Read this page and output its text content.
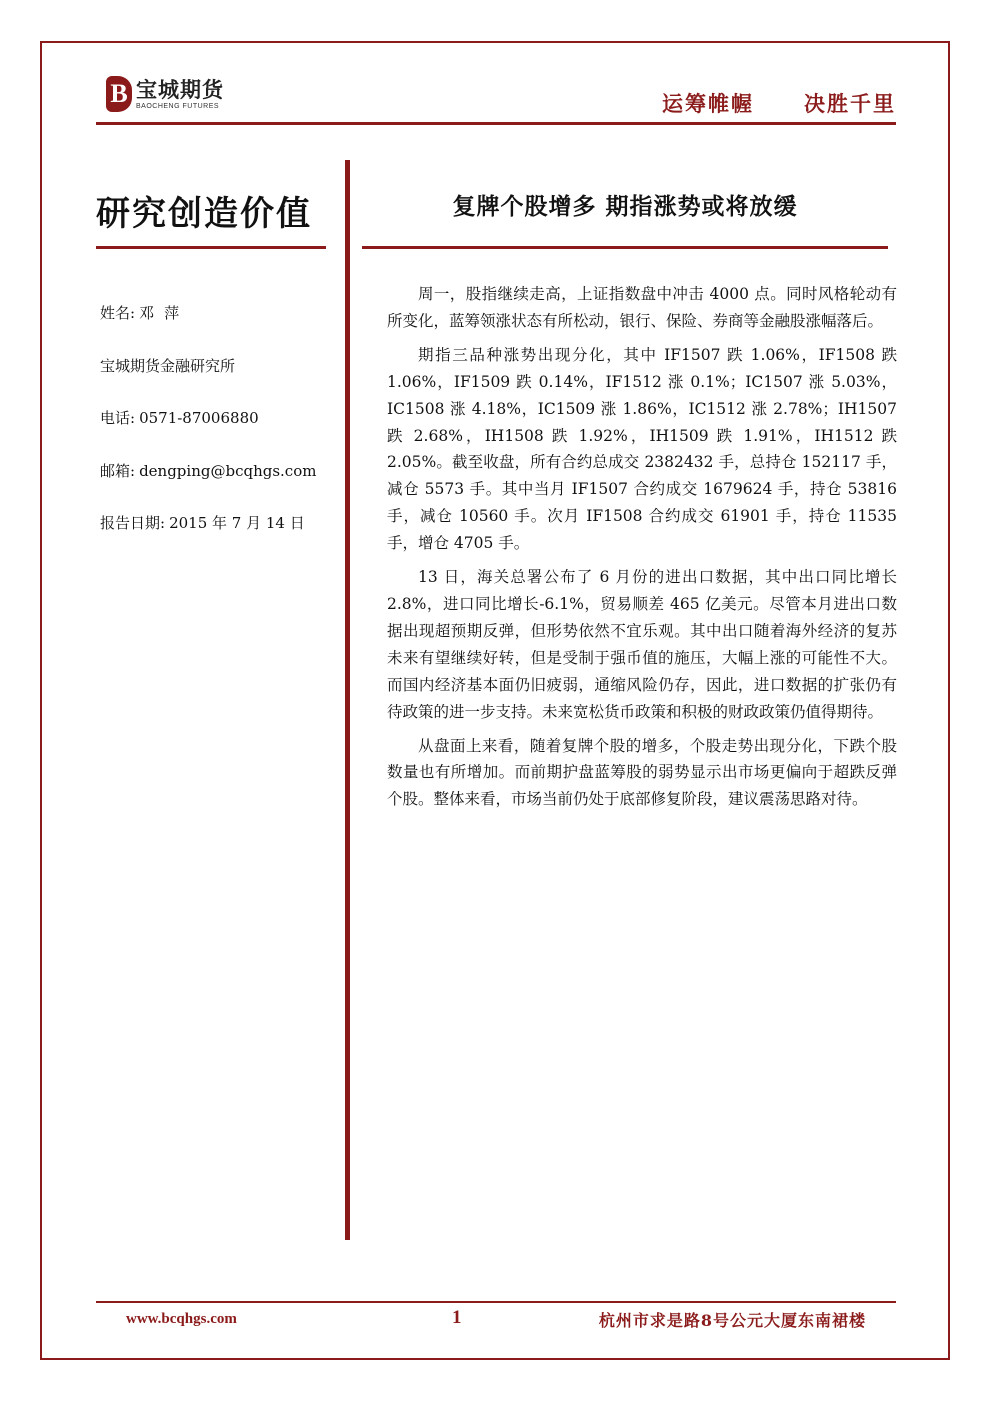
B 宝城期货
BAOCHENG FUTURES	运筹帷幄 决胜千里
研究创造价值
姓名: 邓萍
宝城期货金融研究所
电话: 0571-87006880
邮箱: dengping@bcqhgs.com
报告日期: 2015 年 7 月 14 日
复牌个股增多 期指涨势或将放缓

周一，股指继续走高，上证指数盘中冲击 4000 点。同时风格轮动有所变化，蓝筹领涨状态有所松动，银行、保险、券商等金融股涨幅落后。

期指三品种涨势出现分化，其中 IF1507 跌 1.06%，IF1508 跌 1.06%，IF1509 跌 0.14%，IF1512 涨 0.1%；IC1507 涨 5.03%，IC1508 涨 4.18%，IC1509 涨 1.86%，IC1512 涨 2.78%；IH1507 跌 2.68%，IH1508 跌 1.92%，IH1509 跌 1.91%，IH1512 跌 2.05%。截至收盘，所有合约总成交 2382432 手，总持仓 152117 手，减仓 5573 手。其中当月 IF1507 合约成交 1679624 手，持仓 53816 手，减仓 10560 手。次月 IF1508 合约成交 61901 手，持仓 11535 手，增仓 4705 手。

13 日，海关总署公布了 6 月份的进出口数据，其中出口同比增长 2.8%，进口同比增长-6.1%，贸易顺差 465 亿美元。尽管本月进出口数据出现超预期反弹，但形势依然不宜乐观。其中出口随着海外经济的复苏未来有望继续好转，但是受制于强币值的施压，大幅上涨的可能性不大。而国内经济基本面仍旧疲弱，通缩风险仍存，因此，进口数据的扩张仍有待政策的进一步支持。未来宽松货币政策和积极的财政政策仍值得期待。

从盘面上来看，随着复牌个股的增多，个股走势出现分化，下跌个股数量也有所增加。而前期护盘蓝筹股的弱势显示出市场更偏向于超跌反弹个股。整体来看，市场当前仍处于底部修复阶段，建议震荡思路对待。

www.bcqhgs.com	1	杭州市求是路8号公元大厦东南裙楼
